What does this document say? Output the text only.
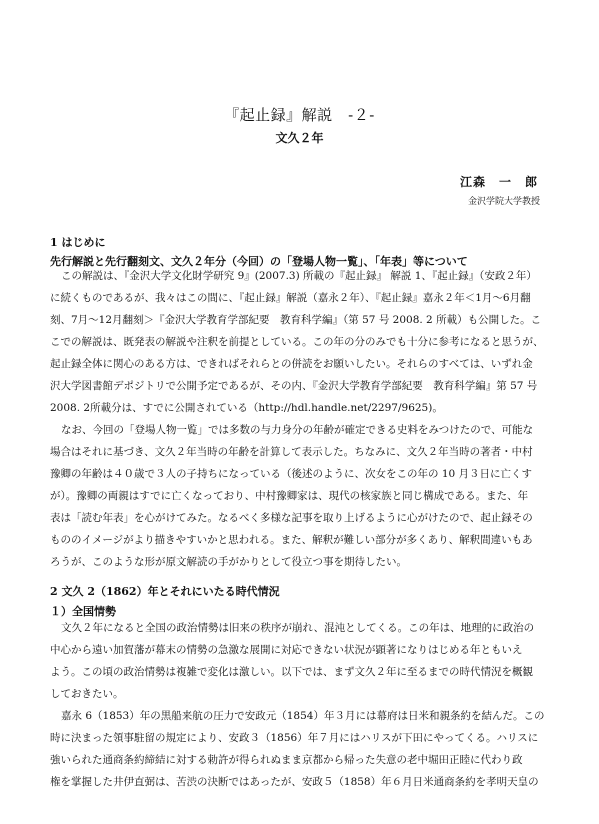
『起止録』解説　-２-
文久２年
江森　一　郎
金沢学院大学教授
1 はじめに
先行解説と先行翻刻文、文久２年分（今回）の「登場人物一覧」、「年表」等について
この解説は、『金沢大学文化財学研究 9』(2007.3) 所載の『起止録』 解説 1、『起止録』（安政２年）
に続くものであるが、我々はこの間に、『起止録』解説（嘉永２年）、『起止録』嘉永２年＜1月～6月翻
刻、7月～12月翻刻＞『金沢大学教育学部紀要　教育科学編』（第 57 号 2008. 2 所載）も公開した。こ
こでの解説は、既発表の解説や注釈を前提としている。この年の分のみでも十分に参考になると思うが、
起止録全体に関心のある方は、できればそれらとの併読をお願いしたい。それらのすべては、いずれ金
沢大学図書館デポジトリで公開予定であるが、その内、『金沢大学教育学部紀要　教育科学編』第 57 号
2008. 2所載分は、すでに公開されている（http://hdl.handle.net/2297/9625)。
なお、今回の「登場人物一覧」では多数の与力身分の年齢が確定できる史料をみつけたので、可能な
場合はそれに基づき、文久２年当時の年齢を計算して表示した。ちなみに、文久２年当時の著者・中村
豫卿の年齢は４０歳で３人の子持ちになっている（後述のように、次女をこの年の 10 月３日に亡くす
が）。豫卿の両親はすでに亡くなっており、中村豫卿家は、現代の核家族と同じ構成である。また、年
表は「読む年表」を心がけてみた。なるべく多様な記事を取り上げるように心がけたので、起止録その
もののイメージがより描きやすいかと思われる。また、解釈が難しい部分が多くあり、解釈間違いもあ
ろうが、このような形が原文解読の手がかりとして役立つ事を期待したい。
2 文久 2（1862）年とそれにいたる時代情況
１）全国情勢
文久２年になると全国の政治情勢は旧来の秩序が崩れ、混沌としてくる。この年は、地理的に政治の
中心から遠い加賀藩が幕末の情勢の急激な展開に対応できない状況が顕著になりはじめる年ともいえ
よう。この頃の政治情勢は複雑で変化は激しい。以下では、まず文久２年に至るまでの時代情況を概観
しておきたい。
嘉永 6（1853）年の黒船来航の圧力で安政元（1854）年３月には幕府は日米和親条約を結んだ。この
時に決まった領事駐留の規定により、安政３（1856）年７月にはハリスが下田にやってくる。ハリスに
強いられた通商条約締結に対する勅許が得られぬまま京都から帰った失意の老中堀田正睦に代わり政
権を掌握した井伊直弼は、苦渋の決断ではあったが、安政５（1858）年６月日米通商条約を孝明天皇の
